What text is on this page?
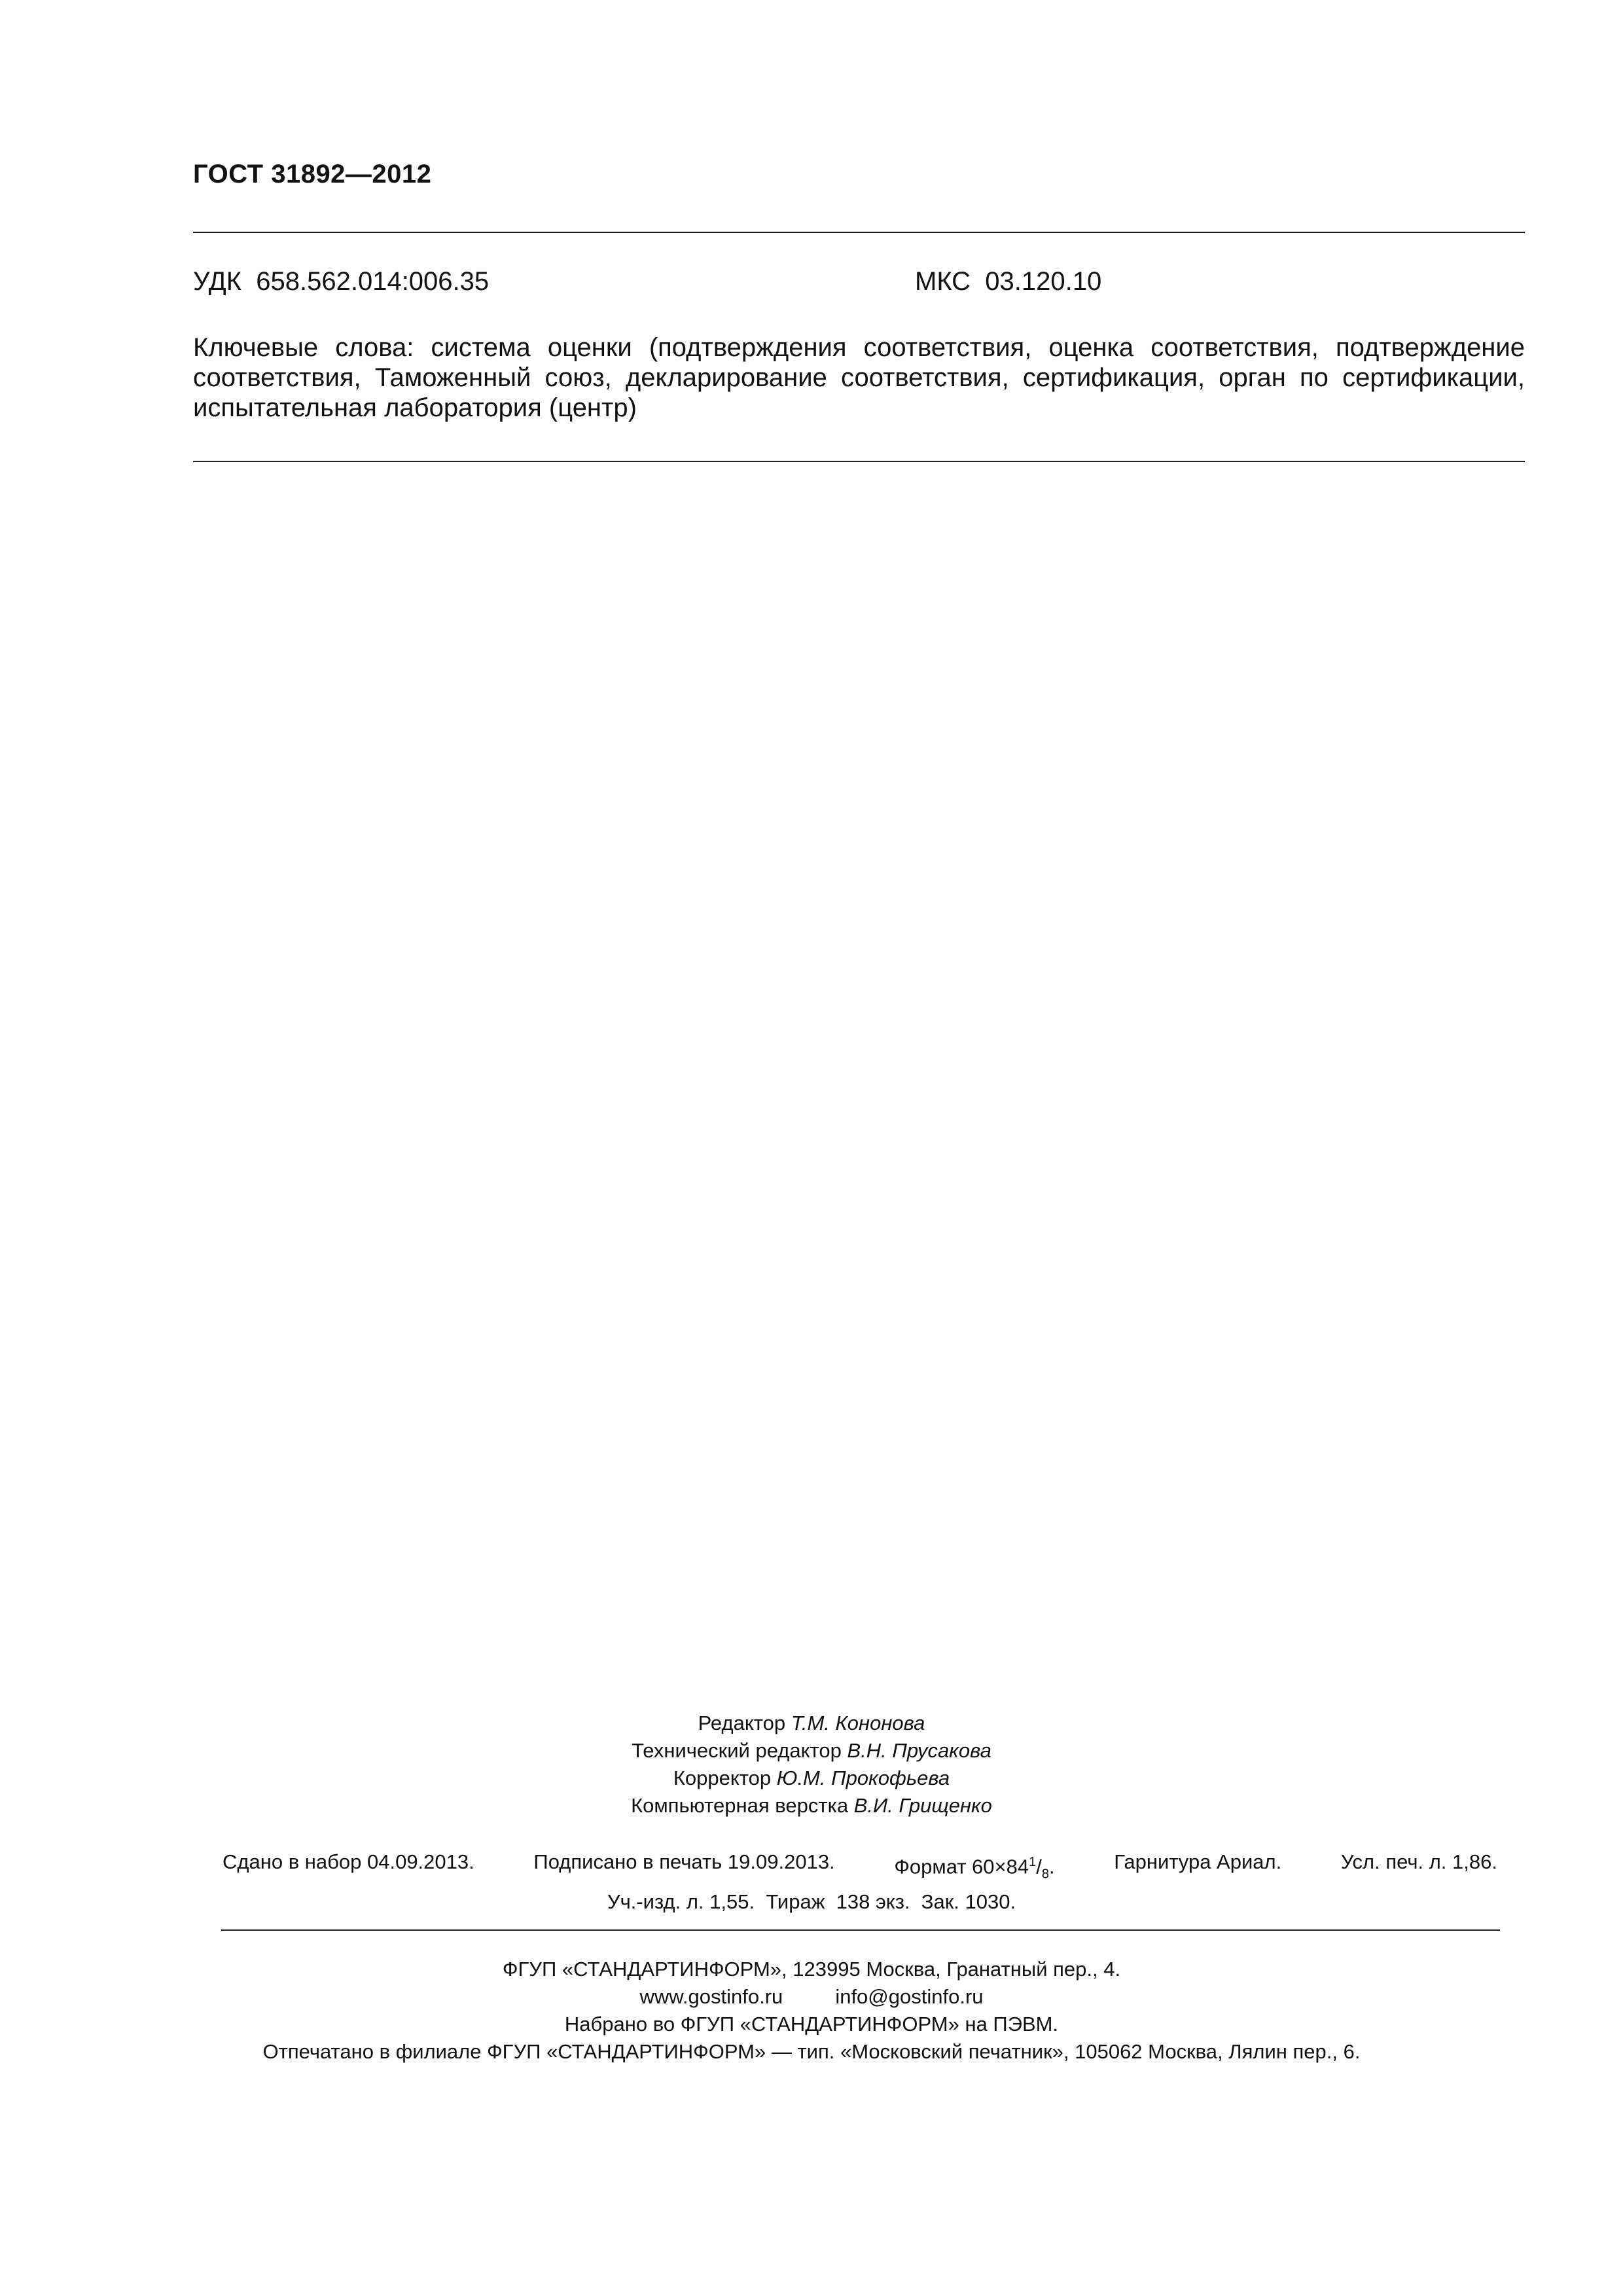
ГОСТ 31892—2012
УДК 658.562.014:006.35	МКС 03.120.10
Ключевые слова: система оценки (подтверждения соответствия, оценка соответствия, подтверждение соответствия, Таможенный союз, декларирование соответствия, сертификация, орган по сертификации, испытательная лаборатория (центр)
Редактор Т.М. Кононова
Технический редактор В.Н. Прусакова
Корректор Ю.М. Прокофьева
Компьютерная верстка В.И. Грищенко
Сдано в набор 04.09.2013.	Подписано в печать 19.09.2013.	Формат $60\times 84^1/_8$.	Гарнитура Ариал.	Усл. печ. л. 1,86.
Уч.-изд. л. 1,55.  Тираж  138 экз.  Зак. 1030.
ФГУП «СТАНДАРТИНФОРМ», 123995 Москва, Гранатный пер., 4.
www.gostinfo.ru	info@gostinfo.ru
Набрано во ФГУП «СТАНДАРТИНФОРМ» на ПЭВМ.
Отпечатано в филиале ФГУП «СТАНДАРТИНФОРМ» — тип. «Московский печатник», 105062 Москва, Лялин пер., 6.
